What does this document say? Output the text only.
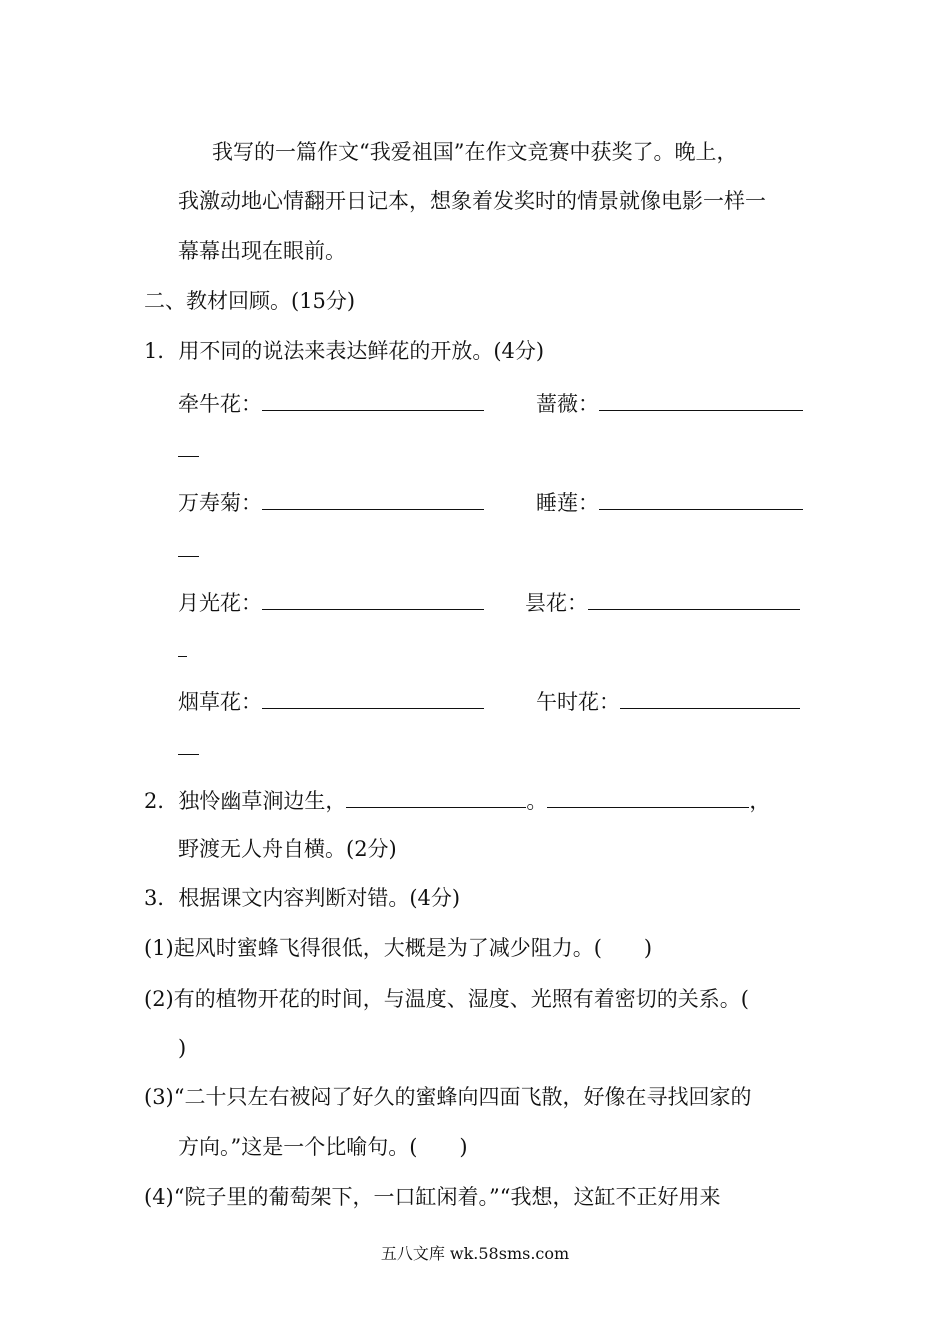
我写的一篇作文“我爱祖国”在作文竞赛中获奖了。晚上，
我激动地心情翻开日记本，想象着发奖时的情景就像电影一样一
幕幕出现在眼前。
二、教材回顾。(15分)
1．用不同的说法来表达鲜花的开放。(4分)
牵牛花：	蔷薇：
万寿菊：	睡莲：
月光花：	昙花：
烟草花：	午时花：
2．独怜幽草涧边生，	。	，
野渡无人舟自横。(2分)
3．根据课文内容判断对错。(4分)
(1)起风时蜜蜂飞得很低，大概是为了减少阻力。(　　)
(2)有的植物开花的时间，与温度、湿度、光照有着密切的关系。(
)
(3)“二十只左右被闷了好久的蜜蜂向四面飞散，好像在寻找回家的
方向。”这是一个比喻句。(　　)
(4)“院子里的葡萄架下，一口缸闲着。”“我想，这缸不正好用来
五八文库 wk.58sms.com
